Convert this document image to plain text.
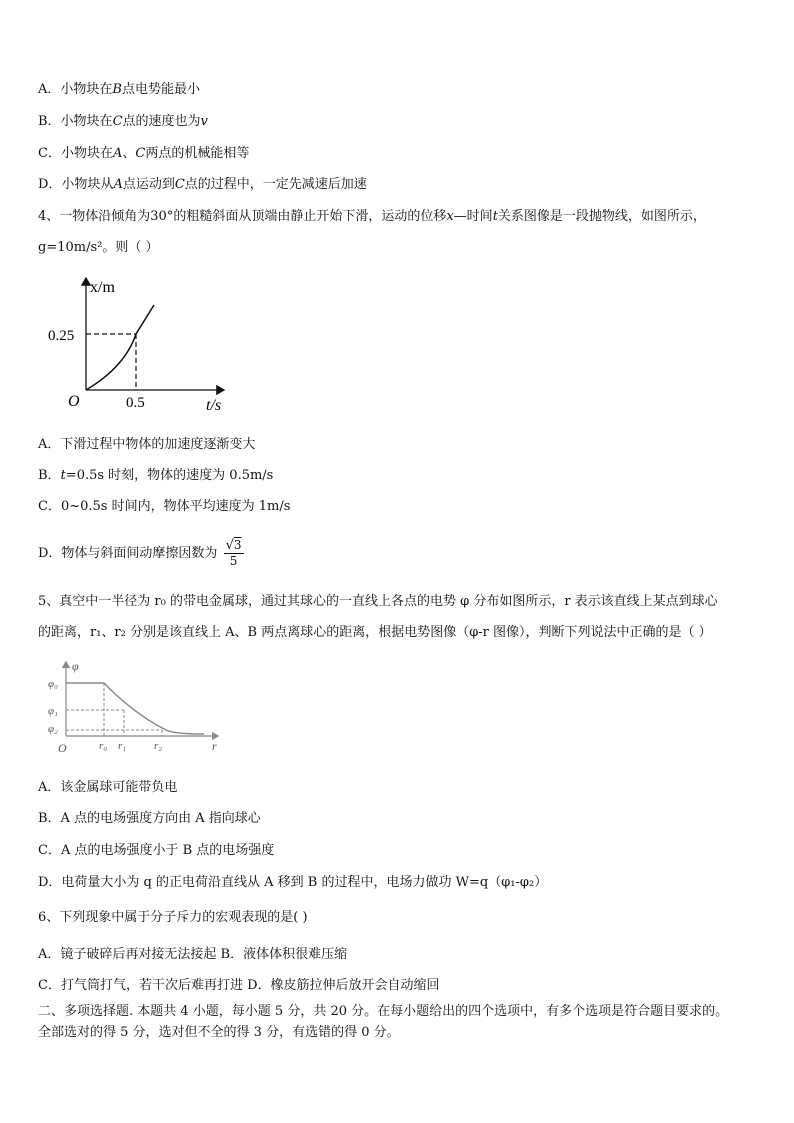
A．小物块在B点电势能最小
B．小物块在C点的速度也为v
C．小物块在A、C两点的机械能相等
D．小物块从A点运动到C点的过程中，一定先减速后加速
4、一物体沿倾角为30°的粗糙斜面从顶端由静止开始下滑，运动的位移x—时间t关系图像是一段抛物线，如图所示，
g=10m/s²。则（ ）
x/m
t/s
O
0.25
0.5
A．下滑过程中物体的加速度逐渐变大
B．t=0.5s 时刻，物体的速度为 0.5m/s
C．0~0.5s 时间内，物体平均速度为 1m/s
D．物体与斜面间动摩擦因数为 $\frac{√3}{5}$
5、真空中一半径为 r₀ 的带电金属球，通过其球心的一直线上各点的电势 φ 分布如图所示，r 表示该直线上某点到球心
的距离，r₁、r₂ 分别是该直线上 A、B 两点离球心的距离，根据电势图像（φ-r 图像），判断下列说法中正确的是（ ）
φ
r
O
φ₀
φ₁
φ₂
r₀ r₁	r₂
A．该金属球可能带负电
B．A 点的电场强度方向由 A 指向球心
C．A 点的电场强度小于 B 点的电场强度
D．电荷量大小为 q 的正电荷沿直线从 A 移到 B 的过程中，电场力做功 W=q（φ₁-φ₂）
6、下列现象中属于分子斥力的宏观表现的是( )
A．镜子破碎后再对接无法接起 B．液体体积很难压缩
C．打气筒打气，若干次后难再打进 D．橡皮筋拉伸后放开会自动缩回
二、多项选择题. 本题共 4 小题，每小题 5 分，共 20 分。在每小题给出的四个选项中，有多个选项是符合题目要求的。
全部选对的得 5 分，选对但不全的得 3 分，有选错的得 0 分。
